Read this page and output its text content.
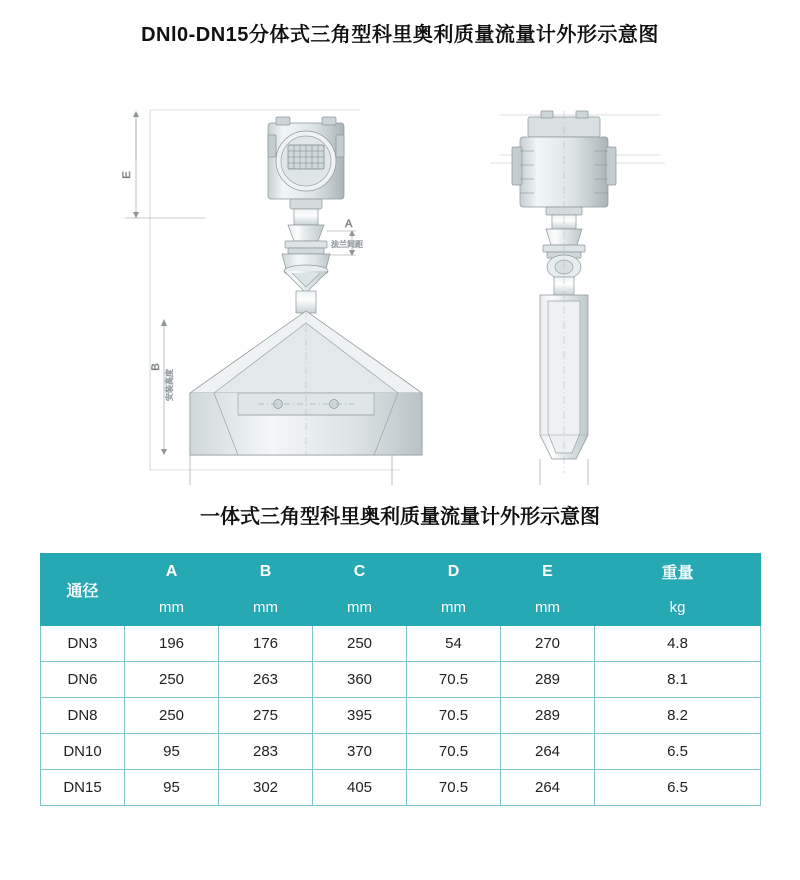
DNl0-DN15分体式三角型科里奥利质量流量计外形示意图
E
B
安装高度
A
法兰间距
一体式三角型科里奥利质量流量计外形示意图
通径	A	B	C	D	E	重量
	mm	mm	mm	mm	mm	kg
DN3	196	176	250	54	270	4.8
DN6	250	263	360	70.5	289	8.1
DN8	250	275	395	70.5	289	8.2
DN10	95	283	370	70.5	264	6.5
DN15	95	302	405	70.5	264	6.5
